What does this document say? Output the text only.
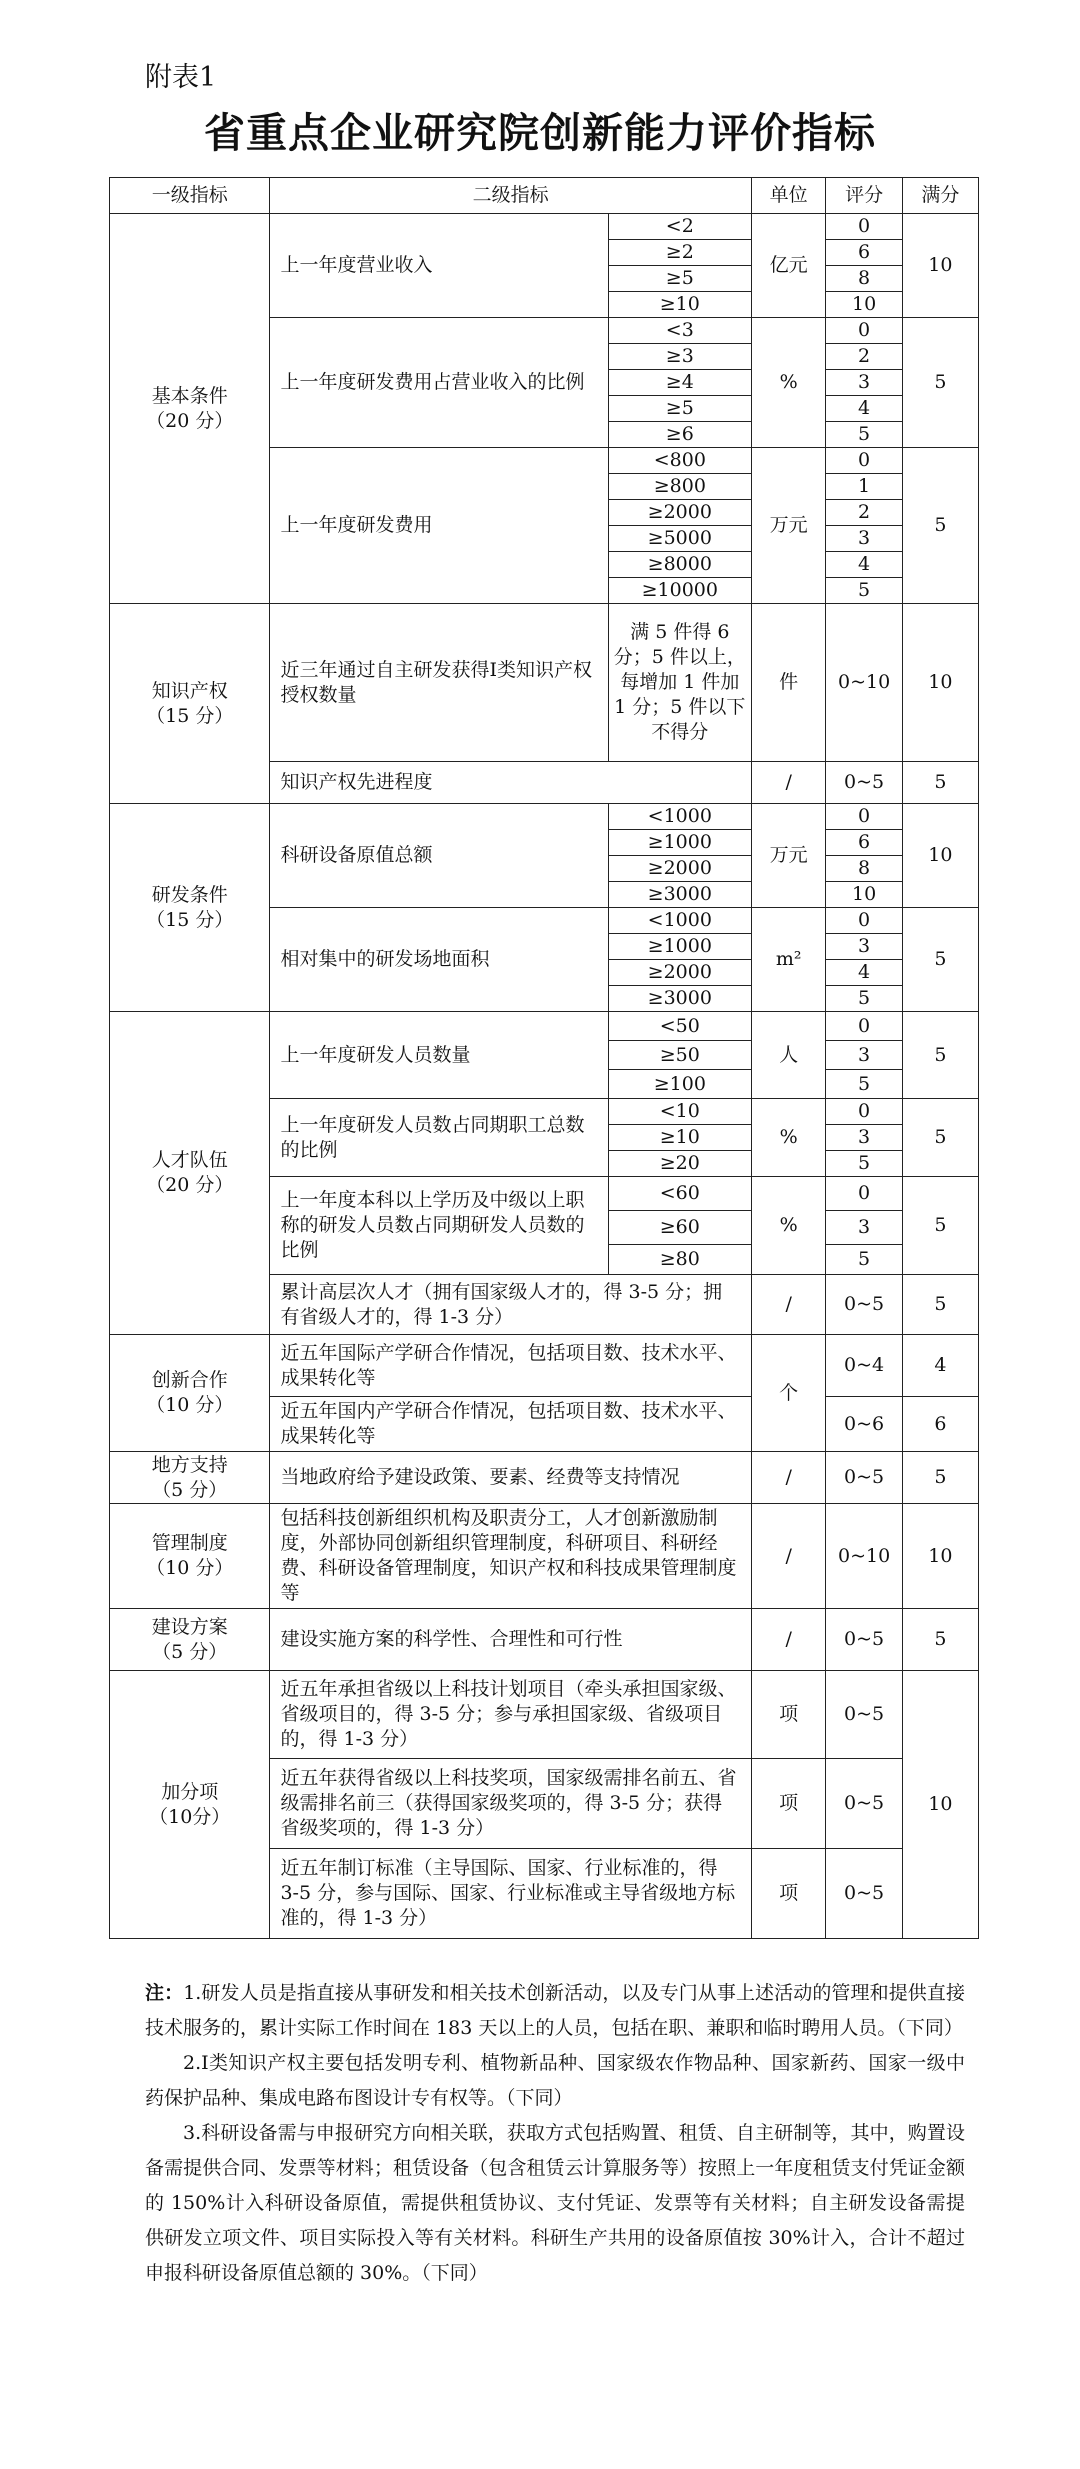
附表1
省重点企业研究院创新能力评价指标
一级指标	二级指标		单位	评分	满分
基本条件
（20 分）	上一年度营业收入	<2	亿元	0	10
		≥2		6	
		≥5		8	
		≥10		10	
	上一年度研发费用占营业收入的比例	<3	%	0	5
		≥3		2	
		≥4		3	
		≥5		4	
		≥6		5	
	上一年度研发费用	<800	万元	0	5
		≥800		1	
		≥2000		2	
		≥5000		3	
		≥8000		4	
		≥10000		5	
知识产权
（15 分）	近三年通过自主研发获得I类知识产权授权数量	满 5 件得 6 分；5 件以上，每增加 1 件加 1 分；5 件以下不得分	件	0~10	10
	知识产权先进程度		/	0~5	5
研发条件
（15 分）	科研设备原值总额	<1000	万元	0	10
		≥1000		6	
		≥2000		8	
		≥3000		10	
	相对集中的研发场地面积	<1000	m²	0	5
		≥1000		3	
		≥2000		4	
		≥3000		5	
人才队伍
（20 分）	上一年度研发人员数量	<50	人	0	5
		≥50		3	
		≥100		5	
	上一年度研发人员数占同期职工总数的比例	<10	%	0	5
		≥10		3	
		≥20		5	
	上一年度本科以上学历及中级以上职称的研发人员数占同期研发人员数的比例	<60	%	0	5
		≥60		3	
		≥80		5	
	累计高层次人才（拥有国家级人才的，得 3-5 分；拥有省级人才的，得 1-3 分）		/	0~5	5
创新合作
（10 分）	近五年国际产学研合作情况，包括项目数、技术水平、成果转化等		个	0~4	4
	近五年国内产学研合作情况，包括项目数、技术水平、成果转化等			0~6	6
地方支持
（5 分）	当地政府给予建设政策、要素、经费等支持情况		/	0~5	5
管理制度
（10 分）	包括科技创新组织机构及职责分工，人才创新激励制度，外部协同创新组织管理制度，科研项目、科研经费、科研设备管理制度，知识产权和科技成果管理制度等		/	0~10	10
建设方案
（5 分）	建设实施方案的科学性、合理性和可行性		/	0~5	5
加分项
（10分）	近五年承担省级以上科技计划项目（牵头承担国家级、省级项目的，得 3-5 分；参与承担国家级、省级项目的，得 1-3 分）		项	0~5	10
	近五年获得省级以上科技奖项，国家级需排名前五、省级需排名前三（获得国家级奖项的，得 3-5 分；获得省级奖项的，得 1-3 分）		项	0~5	
	近五年制订标准（主导国际、国家、行业标准的，得 3-5 分，参与国际、国家、行业标准或主导省级地方标准的，得 1-3 分）		项	0~5	

注：1.研发人员是指直接从事研发和相关技术创新活动，以及专门从事上述活动的管理和提供直接技术服务的，累计实际工作时间在 183 天以上的人员，包括在职、兼职和临时聘用人员。（下同）

2.I类知识产权主要包括发明专利、植物新品种、国家级农作物品种、国家新药、国家一级中药保护品种、集成电路布图设计专有权等。（下同）

3.科研设备需与申报研究方向相关联，获取方式包括购置、租赁、自主研制等，其中，购置设备需提供合同、发票等材料；租赁设备（包含租赁云计算服务等）按照上一年度租赁支付凭证金额的 150%计入科研设备原值，需提供租赁协议、支付凭证、发票等有关材料；自主研发设备需提供研发立项文件、项目实际投入等有关材料。科研生产共用的设备原值按 30%计入，合计不超过申报科研设备原值总额的 30%。（下同）
